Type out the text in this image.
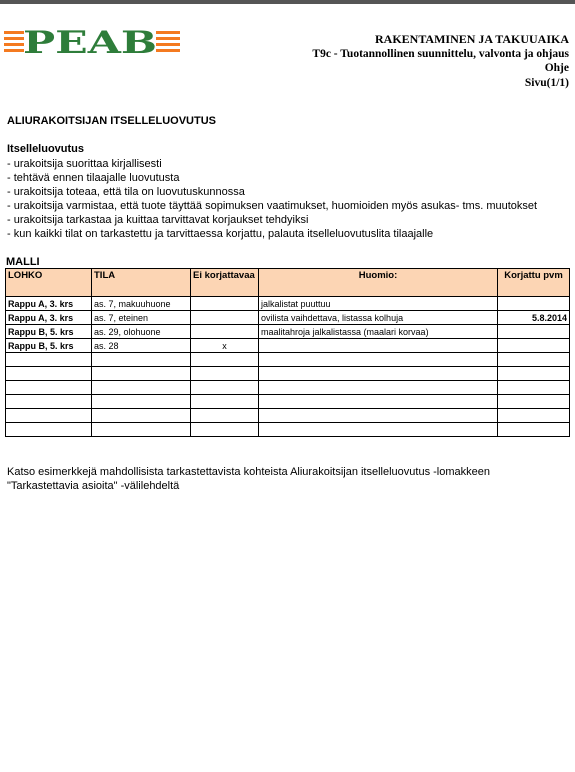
PEAB	RAKENTAMINEN JA TAKUUAIKA
T9c - Tuotannollinen suunnittelu, valvonta ja ohjaus
Ohje
Sivu(1/1)
ALIURAKOITSIJAN ITSELLELUOVUTUS
Itselleluovutus
- urakoitsija suorittaa kirjallisesti
- tehtävä ennen tilaajalle luovutusta
- urakoitsija toteaa, että tila on luovutuskunnossa
- urakoitsija varmistaa, että tuote täyttää sopimuksen vaatimukset, huomioiden myös asukas- tms. muutokset
- urakoitsija tarkastaa ja kuittaa tarvittavat korjaukset tehdyiksi
- kun kaikki tilat on tarkastettu ja tarvittaessa korjattu, palauta itselleluovutuslita tilaajalle
MALLI
LOHKO	TILA	Ei korjattavaa	Huomio:	Korjattu pvm
Rappu A, 3. krs	as. 7, makuuhuone		jalkalistat puuttuu	
Rappu A, 3. krs	as. 7, eteinen		ovilista vaihdettava, listassa kolhuja	5.8.2014
Rappu B, 5. krs	as. 29, olohuone		maalitahroja jalkalistassa (maalari korvaa)	
Rappu B, 5. krs	as. 28	x		

Katso esimerkkejä mahdollisista tarkastettavista kohteista Aliurakoitsijan itselleluovutus -lomakkeen
"Tarkastettavia asioita" -välilehdeltä
